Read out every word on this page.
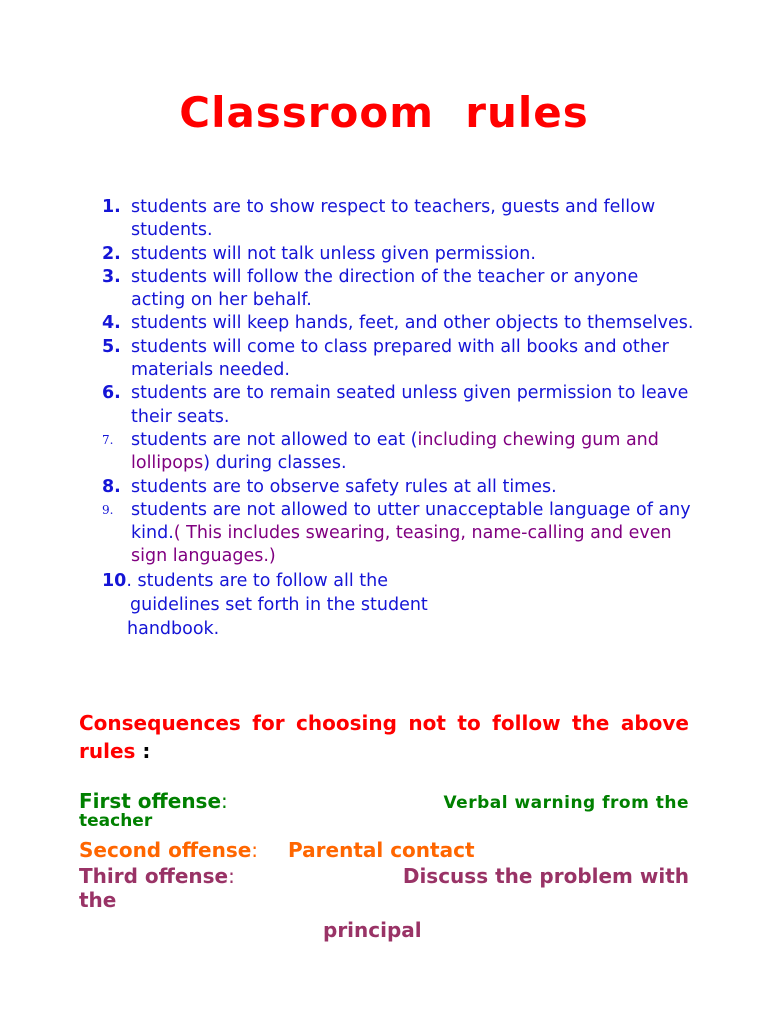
Classroom  rules
1. students are to show respect to teachers, guests and fellow students.
2. students will not talk unless given permission.
3. students will follow the direction of the teacher or anyone acting on her behalf.
4. students will keep hands, feet, and other objects to themselves.
5. students will come to class prepared with all books and other materials needed.
6. students are to remain seated unless given permission to leave their seats.
7. students are not allowed to eat (including chewing gum and lollipops) during classes.
8. students are to observe safety rules at all times.
9. students are not allowed to utter unacceptable language of any kind.( This includes swearing, teasing, name-calling and even sign languages.)
10. students are to follow all the
guidelines set forth in the student
handbook.
Consequences for choosing not to follow the above rules :
First offense:	Verbal warning from the
teacher
Second offense: Parental contact
Third offense:	Discuss the problem with
the
principal
